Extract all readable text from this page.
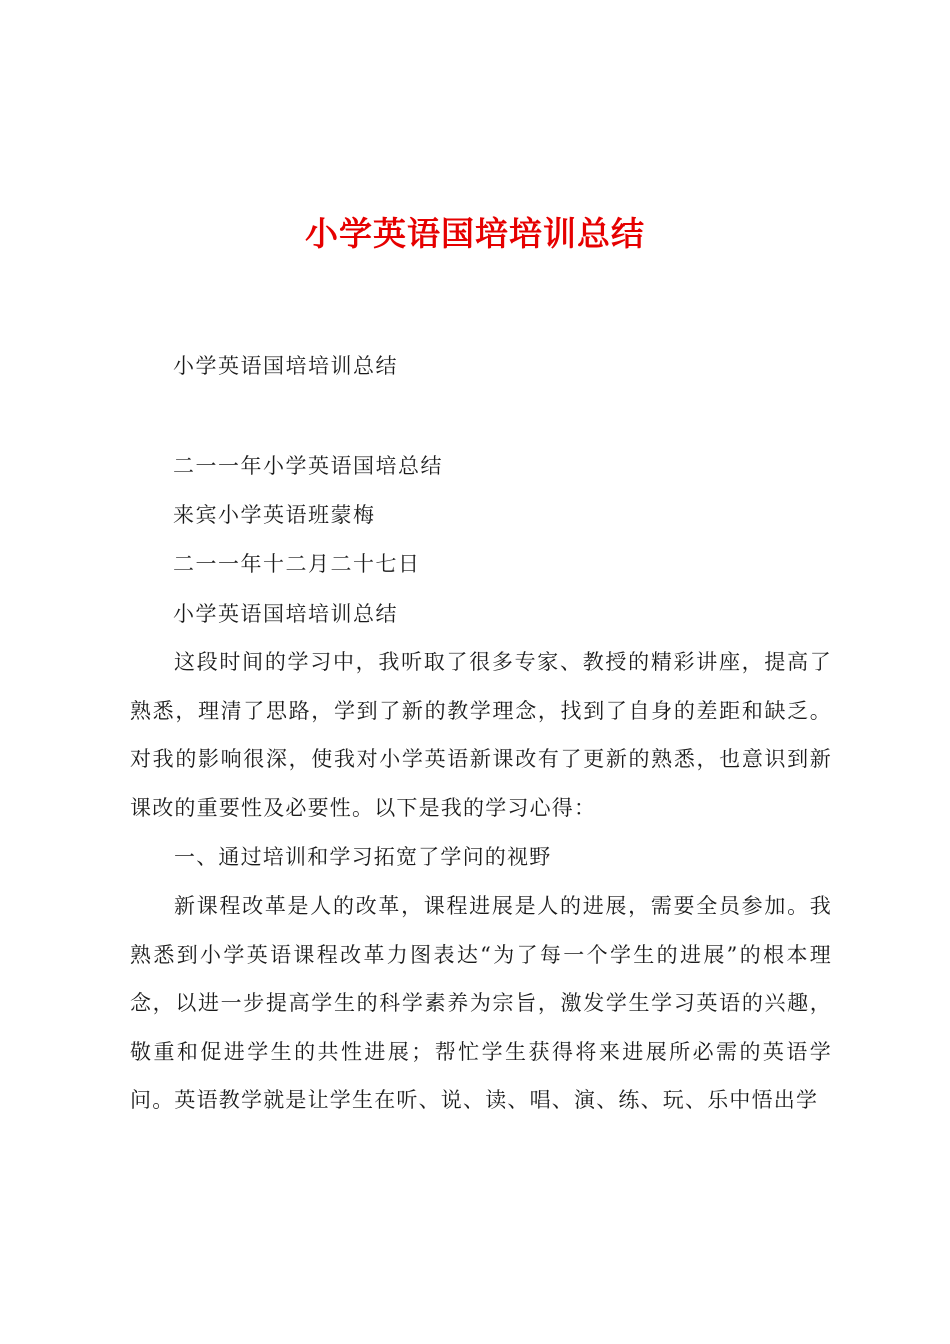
小学英语国培培训总结

小学英语国培培训总结

二一一年小学英语国培总结

来宾小学英语班蒙梅

二一一年十二月二十七日

小学英语国培培训总结

这段时间的学习中，我听取了很多专家、教授的精彩讲座，提高了熟悉，理清了思路，学到了新的教学理念，找到了自身的差距和缺乏。对我的影响很深，使我对小学英语新课改有了更新的熟悉，也意识到新课改的重要性及必要性。以下是我的学习心得：

一、通过培训和学习拓宽了学问的视野

新课程改革是人的改革，课程进展是人的进展，需要全员参加。我熟悉到小学英语课程改革力图表达“为了每一个学生的进展”的根本理念，以进一步提高学生的科学素养为宗旨，激发学生学习英语的兴趣，敬重和促进学生的共性进展；帮忙学生获得将来进展所必需的英语学问。英语教学就是让学生在听、说、读、唱、演、练、玩、乐中悟出学
